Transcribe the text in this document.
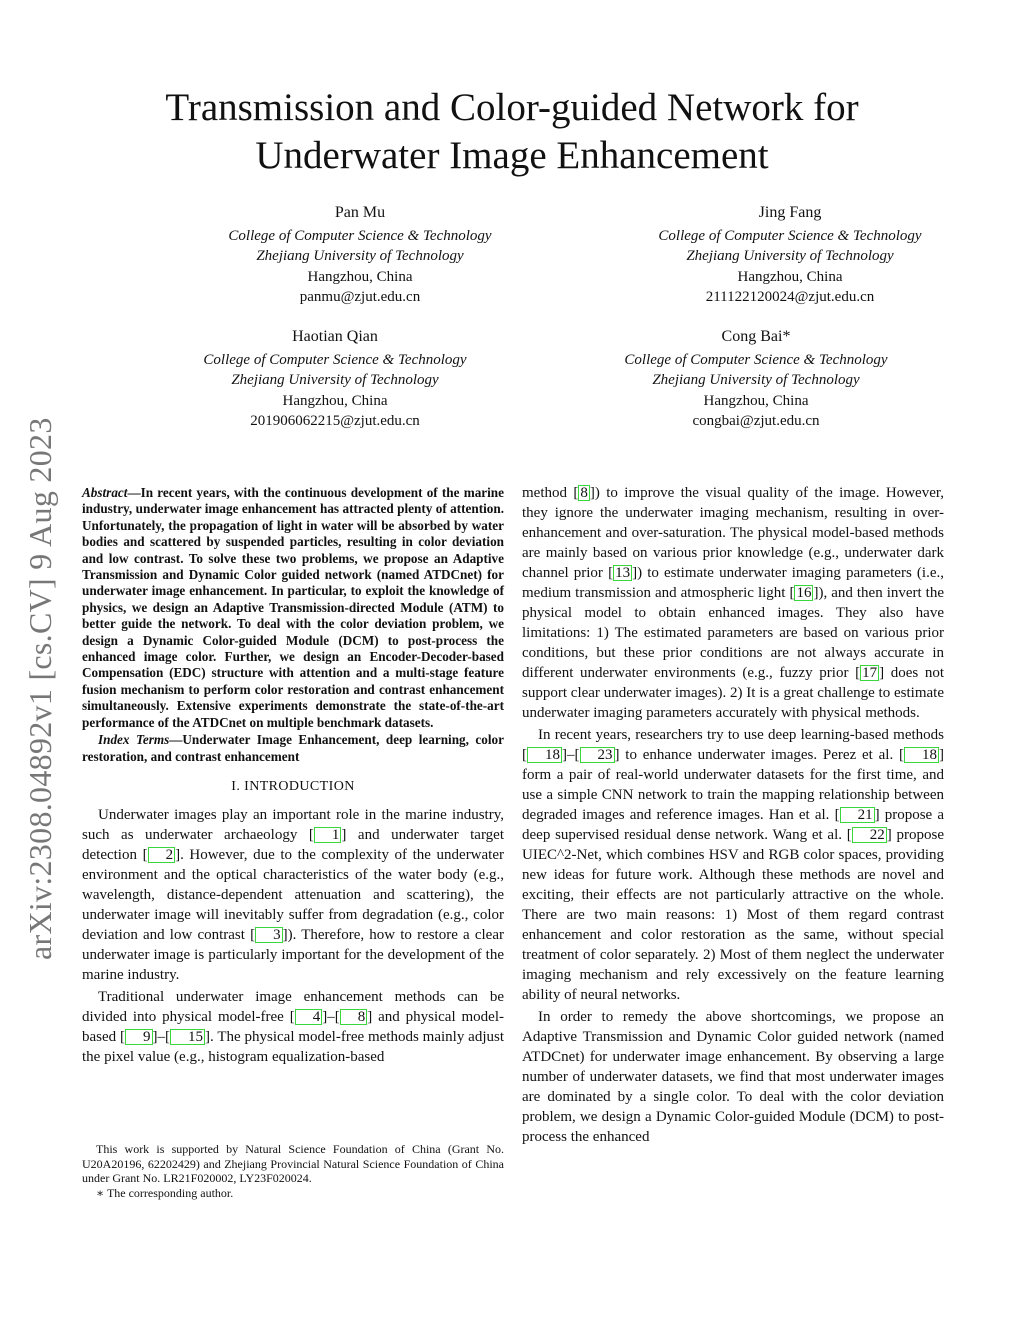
arXiv:2308.04892v1 [cs.CV] 9 Aug 2023
Transmission and Color-guided Network for
Underwater Image Enhancement
Pan Mu
College of Computer Science & Technology
Zhejiang University of Technology
Hangzhou, China
panmu@zjut.edu.cn
Jing Fang
College of Computer Science & Technology
Zhejiang University of Technology
Hangzhou, China
211122120024@zjut.edu.cn
Haotian Qian
College of Computer Science & Technology
Zhejiang University of Technology
Hangzhou, China
201906062215@zjut.edu.cn
Cong Bai*
College of Computer Science & Technology
Zhejiang University of Technology
Hangzhou, China
congbai@zjut.edu.cn
Abstract—In recent years, with the continuous development of the marine industry, underwater image enhancement has attracted plenty of attention. Unfortunately, the propagation of light in water will be absorbed by water bodies and scattered by suspended particles, resulting in color deviation and low contrast. To solve these two problems, we propose an Adaptive Transmission and Dynamic Color guided network (named ATDCnet) for underwater image enhancement. In particular, to exploit the knowledge of physics, we design an Adaptive Transmission-directed Module (ATM) to better guide the network. To deal with the color deviation problem, we design a Dynamic Color-guided Module (DCM) to post-process the enhanced image color. Further, we design an Encoder-Decoder-based Compensation (EDC) structure with attention and a multi-stage feature fusion mechanism to perform color restoration and contrast enhancement simultaneously. Extensive experiments demonstrate the state-of-the-art performance of the ATDCnet on multiple benchmark datasets.
Index Terms—Underwater Image Enhancement, deep learning, color restoration, and contrast enhancement
I. INTRODUCTION

Underwater images play an important role in the marine industry, such as underwater archaeology [ 1 ] and underwater target detection [ 2 ]. However, due to the complexity of the underwater environment and the optical characteristics of the water body (e.g., wavelength, distance-dependent attenuation and scattering), the underwater image will inevitably suffer from degradation (e.g., color deviation and low contrast [ 3 ]). Therefore, how to restore a clear underwater image is particularly important for the development of the marine industry.

Traditional underwater image enhancement methods can be divided into physical model-free [ 4 ]–[ 8 ] and physical model-based [ 9 ]–[ 15 ]. The physical model-free methods mainly adjust the pixel value (e.g., histogram equalization-based

This work is supported by Natural Science Foundation of China (Grant No. U20A20196, 62202429) and Zhejiang Provincial Natural Science Foundation of China under Grant No. LR21F020002, LY23F020024.

∗ The corresponding author.

method [ 8 ]) to improve the visual quality of the image. However, they ignore the underwater imaging mechanism, resulting in over-enhancement and over-saturation. The physical model-based methods are mainly based on various prior knowledge (e.g., underwater dark channel prior [ 13 ]) to estimate underwater imaging parameters (i.e., medium transmission and atmospheric light [ 16 ]), and then invert the physical model to obtain enhanced images. They also have limitations: 1) The estimated parameters are based on various prior conditions, but these prior conditions are not always accurate in different underwater environments (e.g., fuzzy prior [ 17 ] does not support clear underwater images). 2) It is a great challenge to estimate underwater imaging parameters accurately with physical methods.

In recent years, researchers try to use deep learning-based methods [ 18 ]–[ 23 ] to enhance underwater images. Perez et al. [ 18 ] form a pair of real-world underwater datasets for the first time, and use a simple CNN network to train the mapping relationship between degraded images and reference images. Han et al. [ 21 ] propose a deep supervised residual dense network. Wang et al. [ 22 ] propose UIEC^2-Net, which combines HSV and RGB color spaces, providing new ideas for future work. Although these methods are novel and exciting, their effects are not particularly attractive on the whole. There are two main reasons: 1) Most of them regard contrast enhancement and color restoration as the same, without special treatment of color separately. 2) Most of them neglect the underwater imaging mechanism and rely excessively on the feature learning ability of neural networks.

In order to remedy the above shortcomings, we propose an Adaptive Transmission and Dynamic Color guided network (named ATDCnet) for underwater image enhancement. By observing a large number of underwater datasets, we find that most underwater images are dominated by a single color. To deal with the color deviation problem, we design a Dynamic Color-guided Module (DCM) to post-process the enhanced
